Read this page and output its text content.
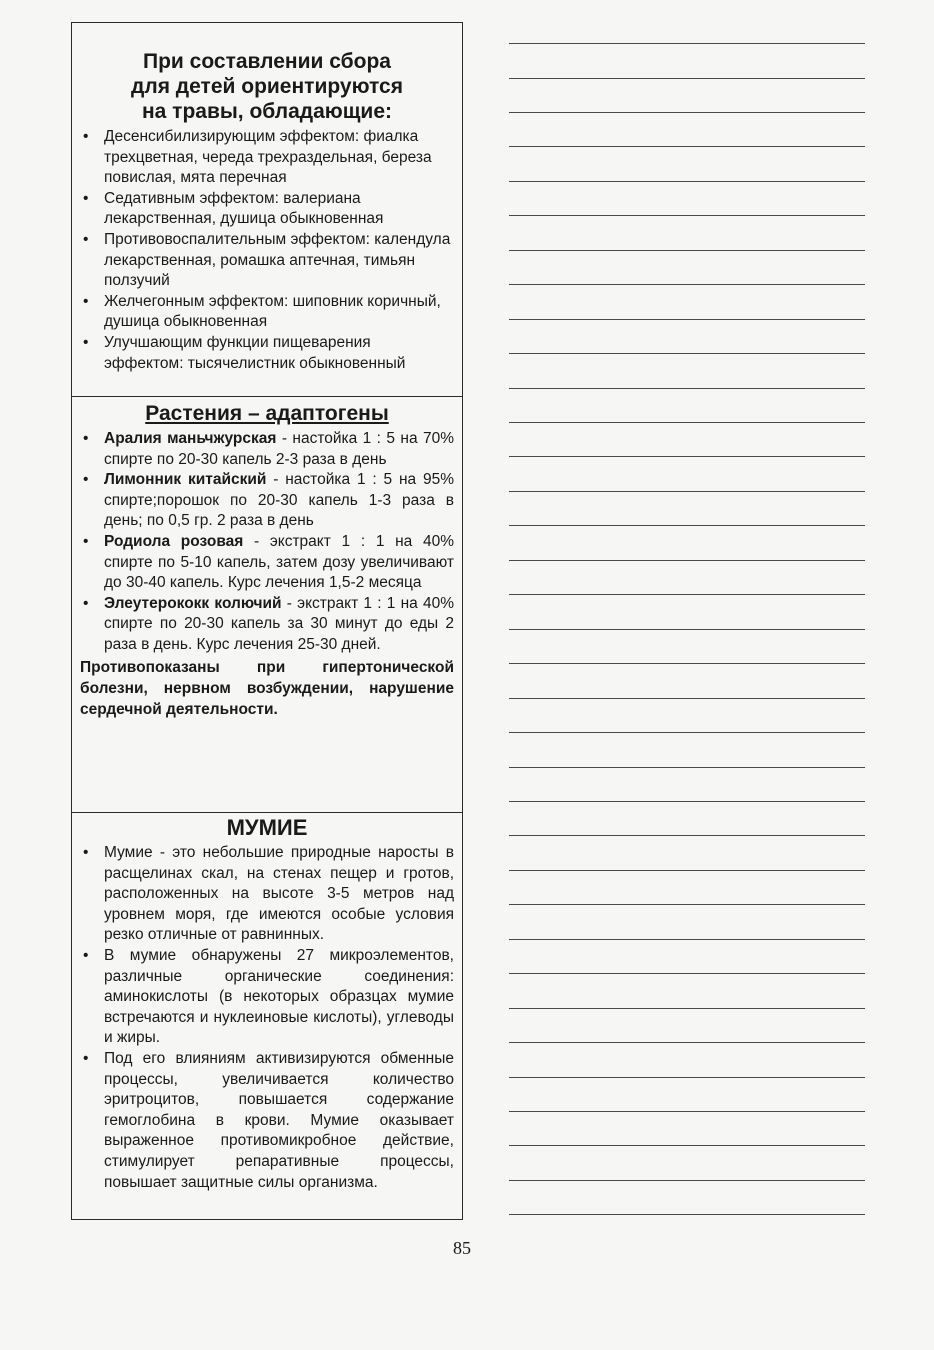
При составлении сбора
для детей ориентируются
на травы, обладающие:
• Десенсибилизирующим эффектом: фиалка трехцветная, череда трехраздельная, береза повислая, мята перечная
• Седативным эффектом: валериана лекарственная, душица обыкновенная
• Противовоспалительным эффектом: календула лекарственная, ромашка аптечная, тимьян ползучий
• Желчегонным эффектом: шиповник коричный, душица обыкновенная
• Улучшающим функции пищеварения эффектом: тысячелистник обыкновенный
Растения – адаптогены
• Аралия маньчжурская - настойка 1 : 5 на 70% спирте по 20-30 капель 2-3 раза в день
• Лимонник китайский - настойка 1 : 5 на 95% спирте;порошок по 20-30 капель 1-3 раза в день; по 0,5 гр. 2 раза в день
• Родиола розовая - экстракт 1 : 1 на 40% спирте по 5-10 капель, затем дозу увеличивают до 30-40 капель. Курс лечения 1,5-2 месяца
• Элеутерококк колючий - экстракт 1 : 1 на 40% спирте по 20-30 капель за 30 минут до еды 2 раза в день. Курс лечения 25-30 дней.
Противопоказаны при гипертонической болезни, нервном возбуждении, нарушение сердечной деятельности.
МУМИЕ
• Мумие - это небольшие природные наросты в расщелинах скал, на стенах пещер и гротов, расположенных на высоте 3-5 метров над уровнем моря, где имеются особые условия резко отличные от равнинных.
• В мумие обнаружены 27 микроэлементов, различные органические соединения: аминокислоты (в некоторых образцах мумие встречаются и нуклеиновые кислоты), углеводы и жиры.
• Под его влияниям активизируются обменные процессы, увеличивается количество эритроцитов, повышается содержание гемоглобина в крови. Мумие оказывает выраженное противомикробное действие, стимулирует репаративные процессы, повышает защитные силы организма.
85
